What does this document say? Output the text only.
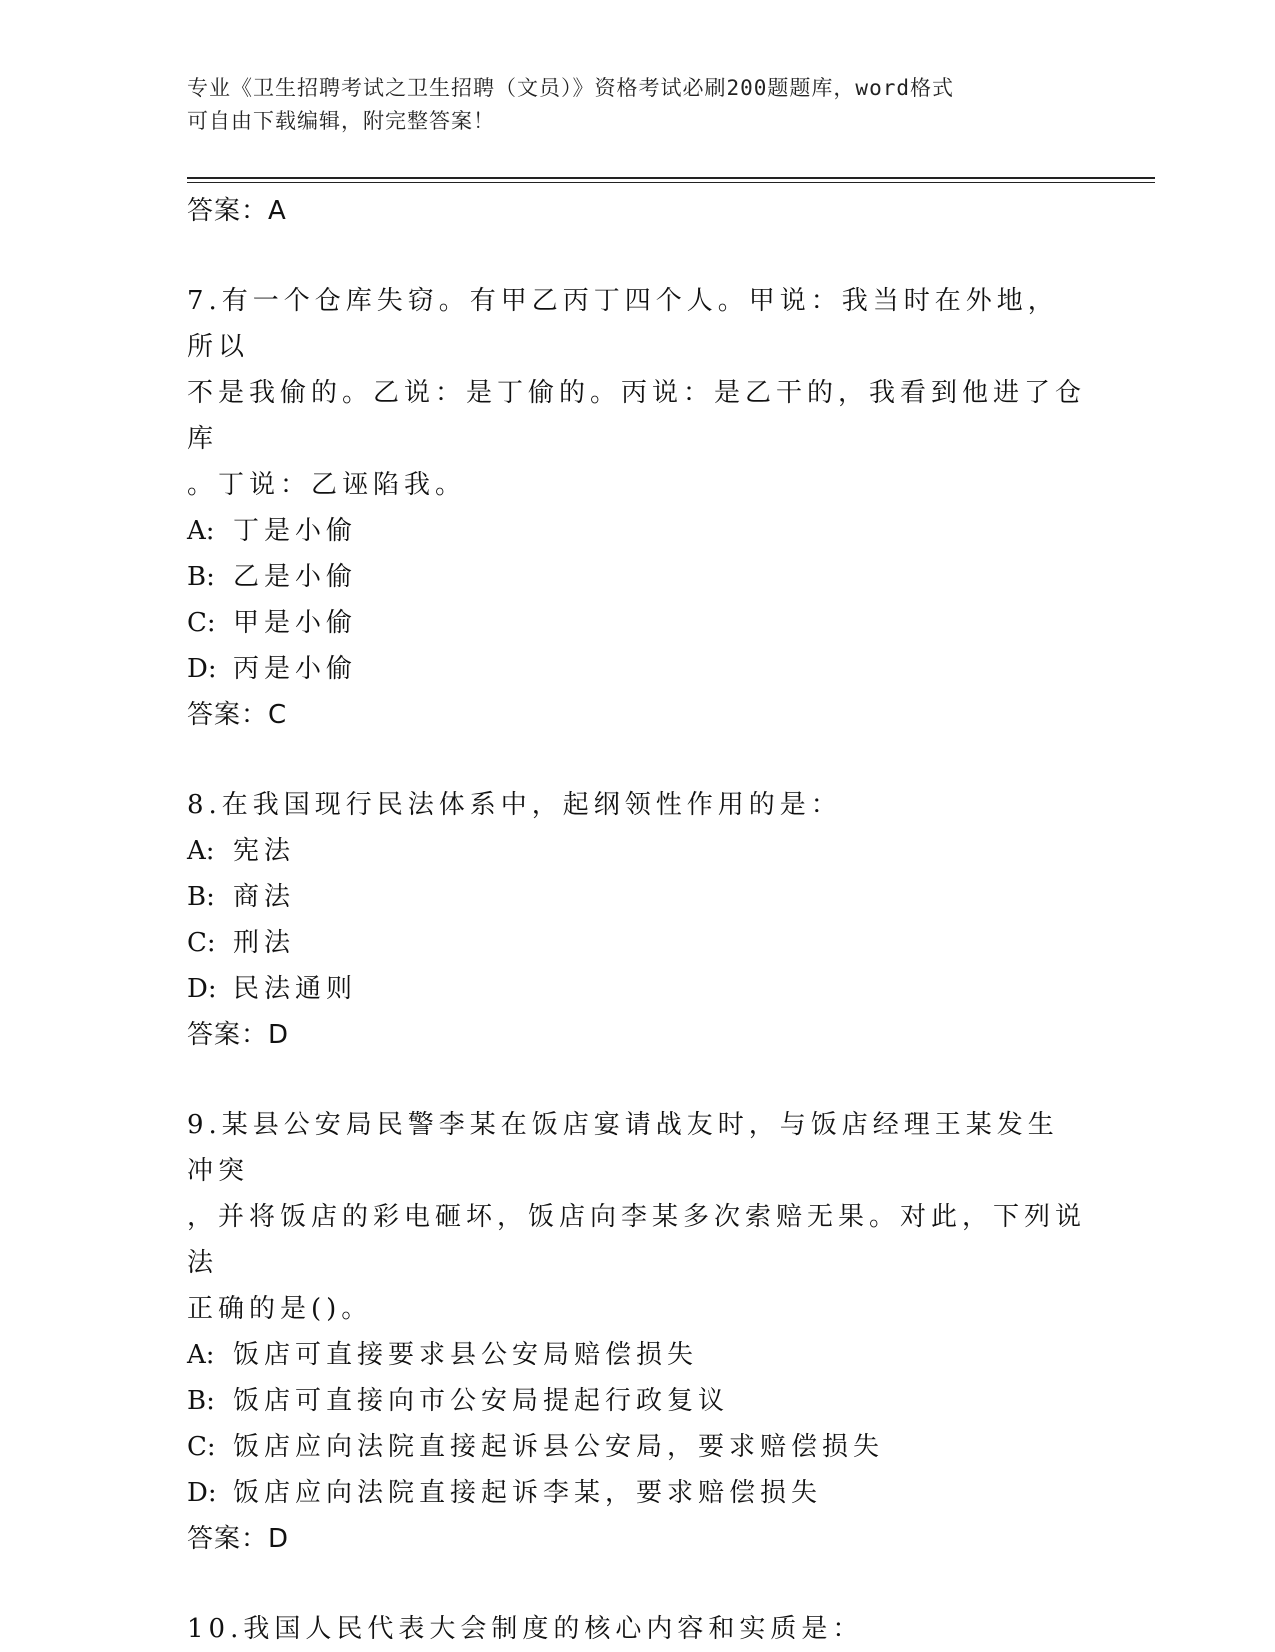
专业《卫生招聘考试之卫生招聘（文员）》资格考试必刷200题题库，word格式
可自由下载编辑，附完整答案！
答案：A
7.有一个仓库失窃。有甲乙丙丁四个人。甲说：我当时在外地，所以
不是我偷的。乙说：是丁偷的。丙说：是乙干的，我看到他进了仓库
。丁说：乙诬陷我。
A: 丁是小偷
B: 乙是小偷
C: 甲是小偷
D: 丙是小偷
答案：C
8.在我国现行民法体系中，起纲领性作用的是：
A: 宪法
B: 商法
C: 刑法
D: 民法通则
答案：D
9.某县公安局民警李某在饭店宴请战友时，与饭店经理王某发生冲突
，并将饭店的彩电砸坏，饭店向李某多次索赔无果。对此，下列说法
正确的是()。
A: 饭店可直接要求县公安局赔偿损失
B: 饭店可直接向市公安局提起行政复议
C: 饭店应向法院直接起诉县公安局，要求赔偿损失
D: 饭店应向法院直接起诉李某，要求赔偿损失
答案：D
10.我国人民代表大会制度的核心内容和实质是：
